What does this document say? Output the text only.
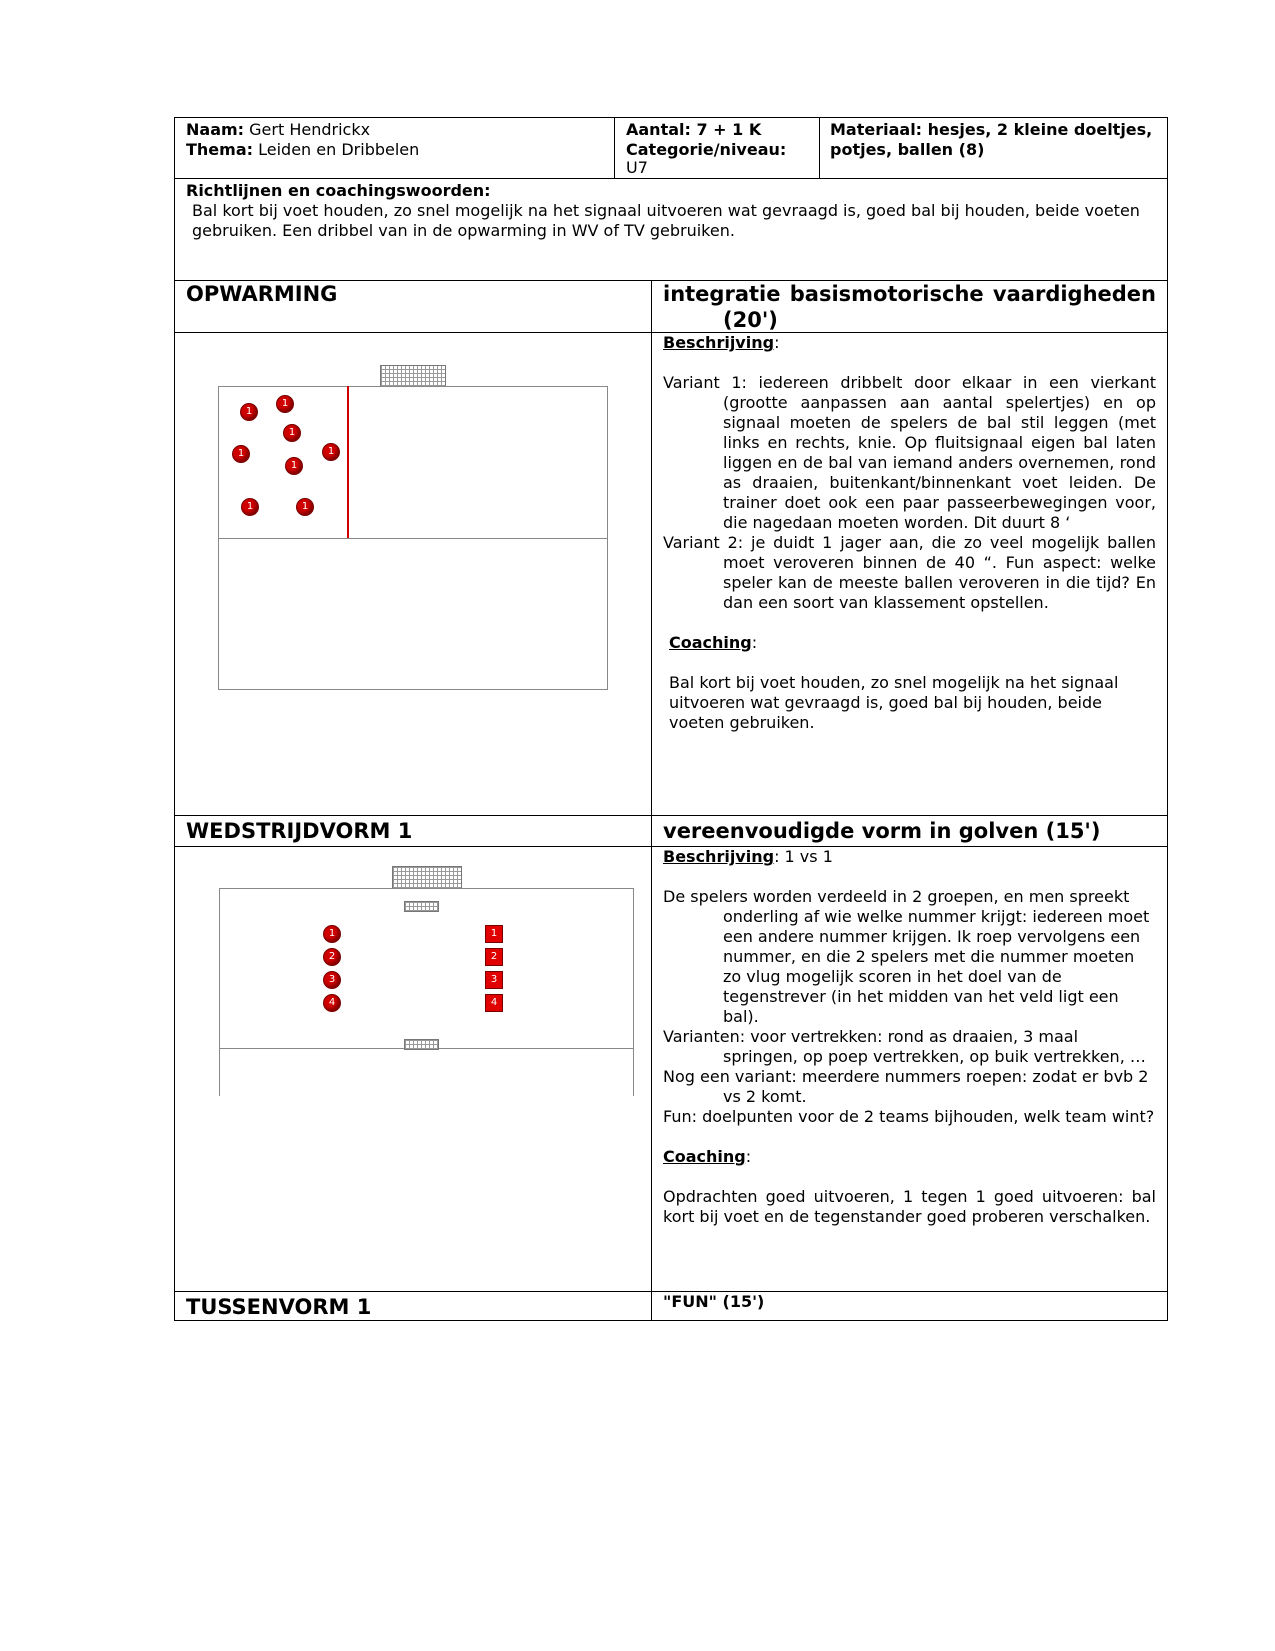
Naam: Gert Hendrickx
Thema: Leiden en Dribbelen
Aantal: 7 + 1 K
Categorie/niveau:
U7
Materiaal: hesjes, 2 kleine doeltjes, potjes, ballen (8)
Richtlijnen en coachingswoorden:
Bal kort bij voet houden, zo snel mogelijk na het signaal uitvoeren wat gevraagd is, goed bal bij houden, beide voeten gebruiken. Een dribbel van in de opwarming in WV of TV gebruiken.
OPWARMING	integratie basismotorische vaardigheden (20')
Beschrijving:

Variant 1: iedereen dribbelt door elkaar in een vierkant (grootte aanpassen aan aantal spelertjes) en op signaal moeten de spelers de bal stil leggen (met links en rechts, knie. Op fluitsignaal eigen bal laten liggen en de bal van iemand anders overnemen, rond as draaien, buitenkant/binnenkant voet leiden. De trainer doet ook een paar passeerbewegingen voor, die nagedaan moeten worden. Dit duurt 8 ‘

Variant 2: je duidt 1 jager aan, die zo veel mogelijk ballen moet veroveren binnen de 40 “. Fun aspect: welke speler kan de meeste ballen veroveren in die tijd? En dan een soort van klassement opstellen.

Coaching:

Bal kort bij voet houden, zo snel mogelijk na het signaal uitvoeren wat gevraagd is, goed bal bij houden, beide voeten gebruiken.

1
1
1
1
1
1
1	1
WEDSTRIJDVORM 1	vereenvoudigde vorm in golven (15')
Beschrijving: 1 vs 1

De spelers worden verdeeld in 2 groepen, en men spreekt onderling af wie welke nummer krijgt: iedereen moet een andere nummer krijgen. Ik roep vervolgens een nummer, en die 2 spelers met die nummer moeten zo vlug mogelijk scoren in het doel van de tegenstrever (in het midden van het veld ligt een bal).

Varianten: voor vertrekken: rond as draaien, 3 maal springen, op poep vertrekken, op buik vertrekken, …

Nog een variant: meerdere nummers roepen: zodat er bvb 2 vs 2 komt.

Fun: doelpunten voor de 2 teams bijhouden, welk team wint?

Coaching:

Opdrachten goed uitvoeren, 1 tegen 1 goed uitvoeren: bal kort bij voet en de tegenstander goed proberen verschalken.

1
2
3
4
1
2
3
4
TUSSENVORM 1	"FUN" (15')
